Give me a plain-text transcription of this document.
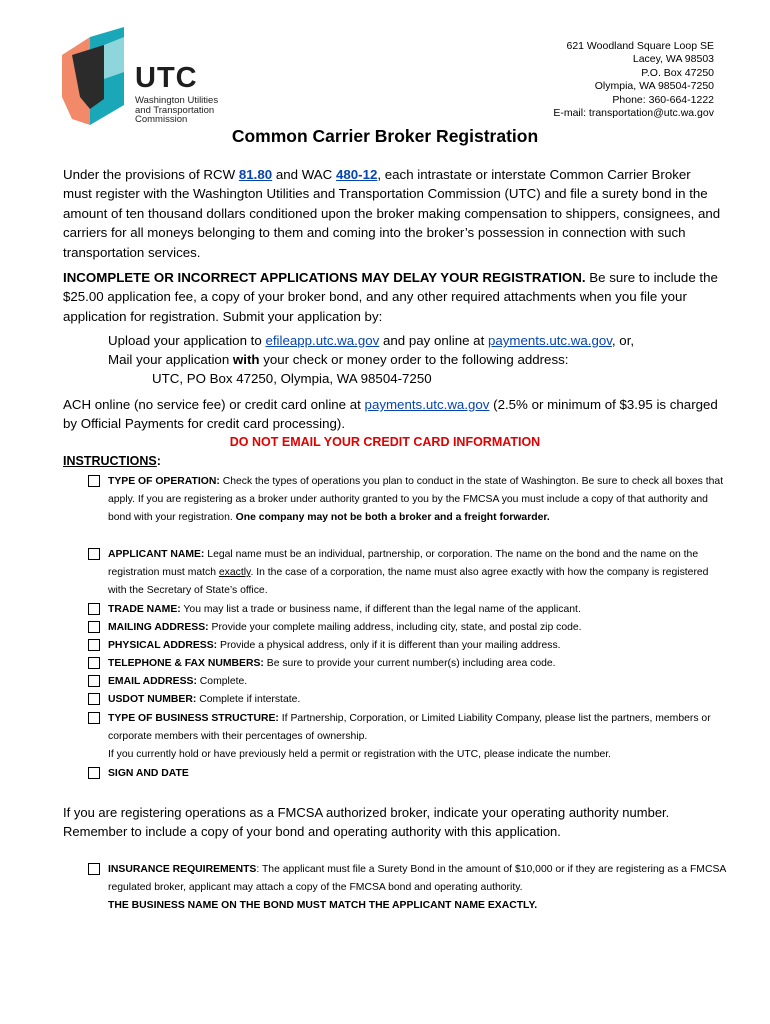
UTC
Washington Utilities
and Transportation
Commission
621 Woodland Square Loop SE
Lacey, WA 98503
P.O. Box 47250
Olympia, WA 98504-7250
Phone: 360-664-1222
E-mail: transportation@utc.wa.gov
Common Carrier Broker Registration
Under the provisions of RCW 81.80 and WAC 480-12, each intrastate or interstate Common Carrier Broker must register with the Washington Utilities and Transportation Commission (UTC) and file a surety bond in the amount of ten thousand dollars conditioned upon the broker making compensation to shippers, consignees, and carriers for all moneys belonging to them and coming into the broker’s possession in connection with such transportation services.
INCOMPLETE OR INCORRECT APPLICATIONS MAY DELAY YOUR REGISTRATION. Be sure to include the $25.00 application fee, a copy of your broker bond, and any other required attachments when you file your application for registration. Submit your application by:
Upload your application to efileapp.utc.wa.gov and pay online at payments.utc.wa.gov, or,
Mail your application with your check or money order to the following address:
UTC, PO Box 47250, Olympia, WA 98504-7250
ACH online (no service fee) or credit card online at payments.utc.wa.gov (2.5% or minimum of $3.95 is charged by Official Payments for credit card processing).
DO NOT EMAIL YOUR CREDIT CARD INFORMATION
INSTRUCTIONS:
TYPE OF OPERATION: Check the types of operations you plan to conduct in the state of Washington. Be sure to check all boxes that apply. If you are registering as a broker under authority granted to you by the FMCSA you must include a copy of that authority and bond with your registration. One company may not be both a broker and a freight forwarder.
APPLICANT NAME: Legal name must be an individual, partnership, or corporation. The name on the bond and the name on the registration must match exactly. In the case of a corporation, the name must also agree exactly with how the company is registered with the Secretary of State’s office.
TRADE NAME: You may list a trade or business name, if different than the legal name of the applicant.
MAILING ADDRESS: Provide your complete mailing address, including city, state, and postal zip code.
PHYSICAL ADDRESS: Provide a physical address, only if it is different than your mailing address.
TELEPHONE & FAX NUMBERS: Be sure to provide your current number(s) including area code.
EMAIL ADDRESS: Complete.
USDOT NUMBER: Complete if interstate.
TYPE OF BUSINESS STRUCTURE: If Partnership, Corporation, or Limited Liability Company, please list the partners, members or corporate members with their percentages of ownership.
If you currently hold or have previously held a permit or registration with the UTC, please indicate the number.
SIGN AND DATE
If you are registering operations as a FMCSA authorized broker, indicate your operating authority number. Remember to include a copy of your bond and operating authority with this application.
INSURANCE REQUIREMENTS: The applicant must file a Surety Bond in the amount of $10,000 or if they are registering as a FMCSA regulated broker, applicant may attach a copy of the FMCSA bond and operating authority.
THE BUSINESS NAME ON THE BOND MUST MATCH THE APPLICANT NAME EXACTLY.
